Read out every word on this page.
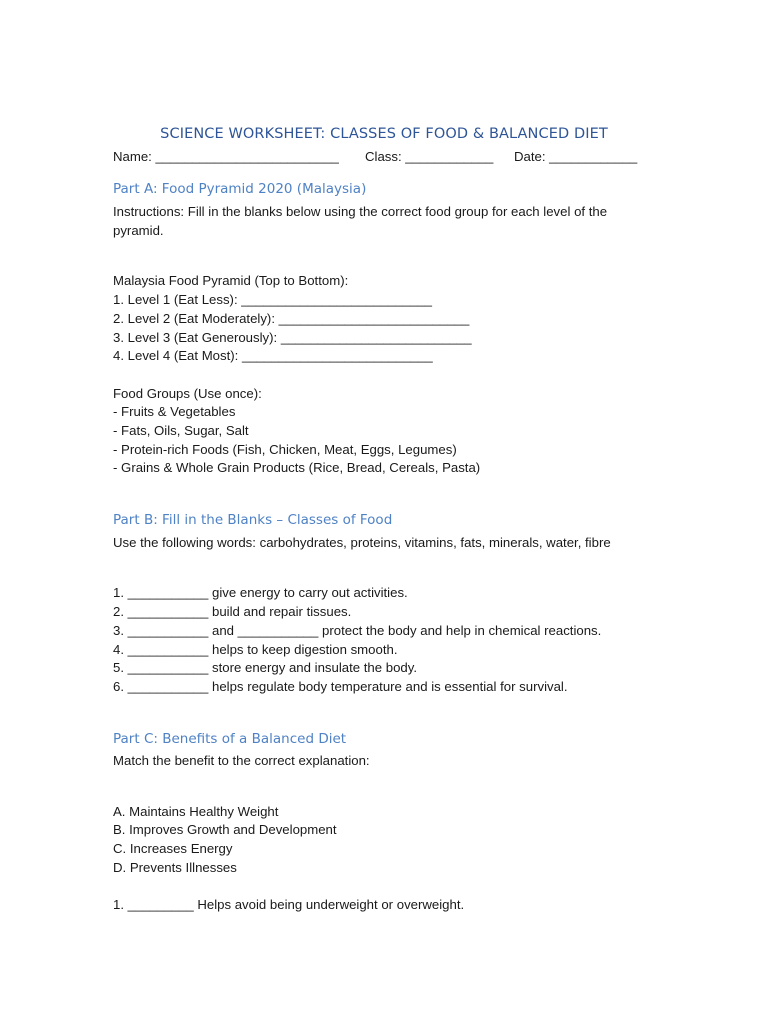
SCIENCE WORKSHEET: CLASSES OF FOOD & BALANCED DIET
Name: _________________________ Class: ____________ Date: ____________
Part A: Food Pyramid 2020 (Malaysia)
Instructions: Fill in the blanks below using the correct food group for each level of the
pyramid.
Malaysia Food Pyramid (Top to Bottom):
1. Level 1 (Eat Less): __________________________
2. Level 2 (Eat Moderately): __________________________
3. Level 3 (Eat Generously): __________________________
4. Level 4 (Eat Most): __________________________
Food Groups (Use once):
- Fruits & Vegetables
- Fats, Oils, Sugar, Salt
- Protein-rich Foods (Fish, Chicken, Meat, Eggs, Legumes)
- Grains & Whole Grain Products (Rice, Bread, Cereals, Pasta)
Part B: Fill in the Blanks – Classes of Food
Use the following words: carbohydrates, proteins, vitamins, fats, minerals, water, fibre
1. ___________ give energy to carry out activities.
2. ___________ build and repair tissues.
3. ___________ and ___________ protect the body and help in chemical reactions.
4. ___________ helps to keep digestion smooth.
5. ___________ store energy and insulate the body.
6. ___________ helps regulate body temperature and is essential for survival.
Part C: Benefits of a Balanced Diet
Match the benefit to the correct explanation:
A. Maintains Healthy Weight
B. Improves Growth and Development
C. Increases Energy
D. Prevents Illnesses
1. _________ Helps avoid being underweight or overweight.
